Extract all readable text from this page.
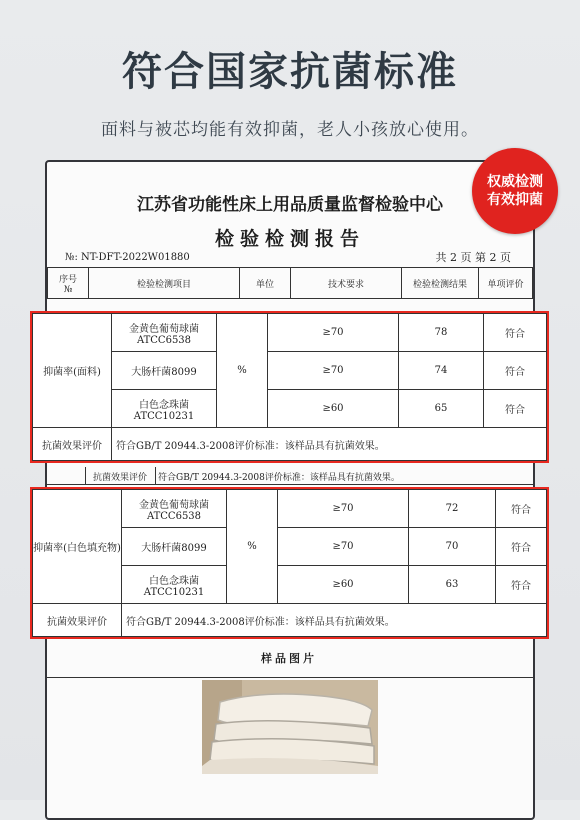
符合国家抗菌标准
面料与被芯均能有效抑菌，老人小孩放心使用。
江苏省功能性床上用品质量监督检验中心
检验检测报告
№: NT-DFT-2022W01880	共 2 页 第 2 页
序号
№	检验检测项目	单位	技术要求	检验检测结果	单项评价
权威检测
有效抑菌
抑菌率(面料)	金黄色葡萄球菌
ATCC6538	%	≥70	78	符合
	大肠杆菌8099		≥70	74	符合
	白色念珠菌
ATCC10231		≥60	65	符合
抗菌效果评价	符合GB/T 20944.3-2008评价标准：该样品具有抗菌效果。				
抗菌效果评价 符合GB/T 20944.3-2008评价标准：该样品具有抗菌效果。
抑菌率(白色填充物)	金黄色葡萄球菌
ATCC6538	%	≥70	72	符合
	大肠杆菌8099		≥70	70	符合
	白色念珠菌
ATCC10231		≥60	63	符合
抗菌效果评价	符合GB/T 20944.3-2008评价标准：该样品具有抗菌效果。				
样品图片
